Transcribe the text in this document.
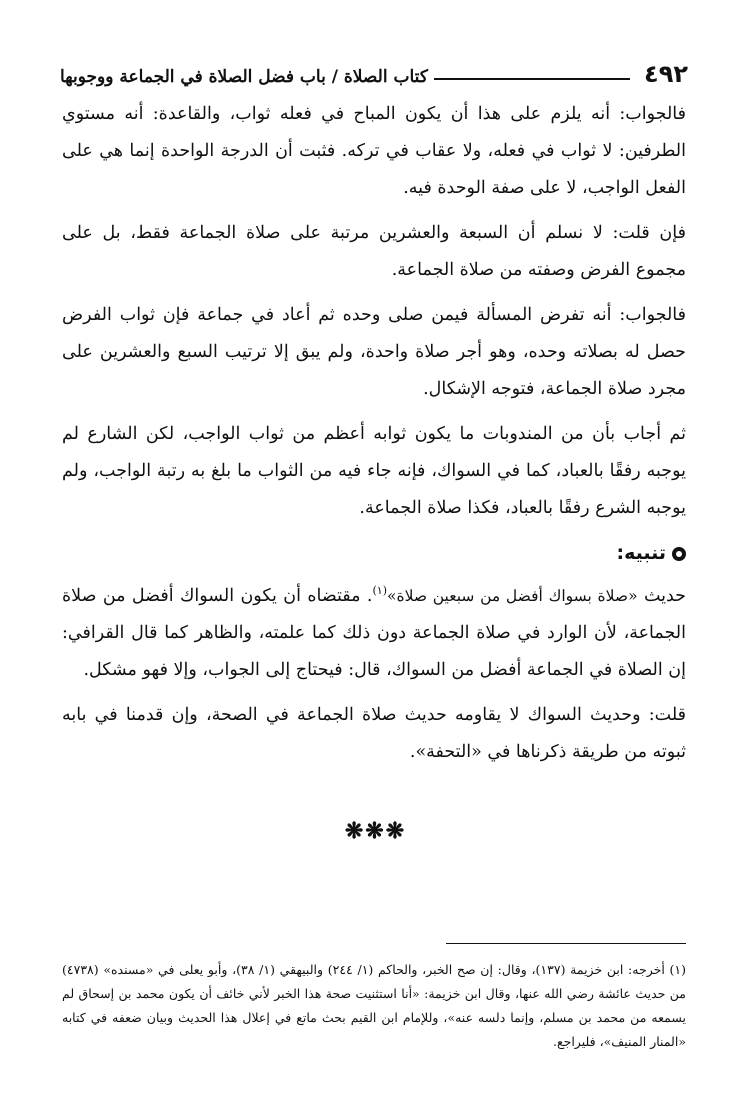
٤٩٢
كتاب الصلاة / باب فضل الصلاة في الجماعة ووجوبها

فالجواب: أنه يلزم على هذا أن يكون المباح في فعله ثواب، والقاعدة: أنه مستوي الطرفين: لا ثواب في فعله، ولا عقاب في تركه. فثبت أن الدرجة الواحدة إنما هي على الفعل الواجب، لا على صفة الوحدة فيه.

فإن قلت: لا نسلم أن السبعة والعشرين مرتبة على صلاة الجماعة فقط، بل على مجموع الفرض وصفته من صلاة الجماعة.

فالجواب: أنه تفرض المسألة فيمن صلى وحده ثم أعاد في جماعة فإن ثواب الفرض حصل له بصلاته وحده، وهو أجر صلاة واحدة، ولم يبق إلا ترتيب السبع والعشرين على مجرد صلاة الجماعة، فتوجه الإشكال.

ثم أجاب بأن من المندوبات ما يكون ثوابه أعظم من ثواب الواجب، لكن الشارع لم يوجبه رفقًا بالعباد، كما في السواك، فإنه جاء فيه من الثواب ما بلغ به رتبة الواجب، ولم يوجبه الشرع رفقًا بالعباد، فكذا صلاة الجماعة.

تنبيه:

حديث «صلاة بسواك أفضل من سبعين صلاة»$^{(١)}$. مقتضاه أن يكون السواك أفضل من صلاة الجماعة، لأن الوارد في صلاة الجماعة دون ذلك كما علمته، والظاهر كما قال القرافي: إن الصلاة في الجماعة أفضل من السواك، قال: فيحتاج إلى الجواب، وإلا فهو مشكل.

قلت: وحديث السواك لا يقاومه حديث صلاة الجماعة في الصحة، وإن قدمنا في بابه ثبوته من طريقة ذكرناها في «التحفة».

❋❋❋
(١) أخرجه: ابن خزيمة (١٣٧)، وقال: إن صح الخبر، والحاكم (١/ ٢٤٤) والبيهقي (١/ ٣٨)، وأبو يعلى في «مسنده» (٤٧٣٨) من حديث عائشة رضي الله عنها، وقال ابن خزيمة: «أنا استثنيت صحة هذا الخبر لأني خائف أن يكون محمد بن إسحاق لم يسمعه من محمد بن مسلم، وإنما دلسه عنه»، وللإمام ابن القيم بحث ماتع في إعلال هذا الحديث وبيان ضعفه في كتابه «المنار المنيف»، فليراجع.
